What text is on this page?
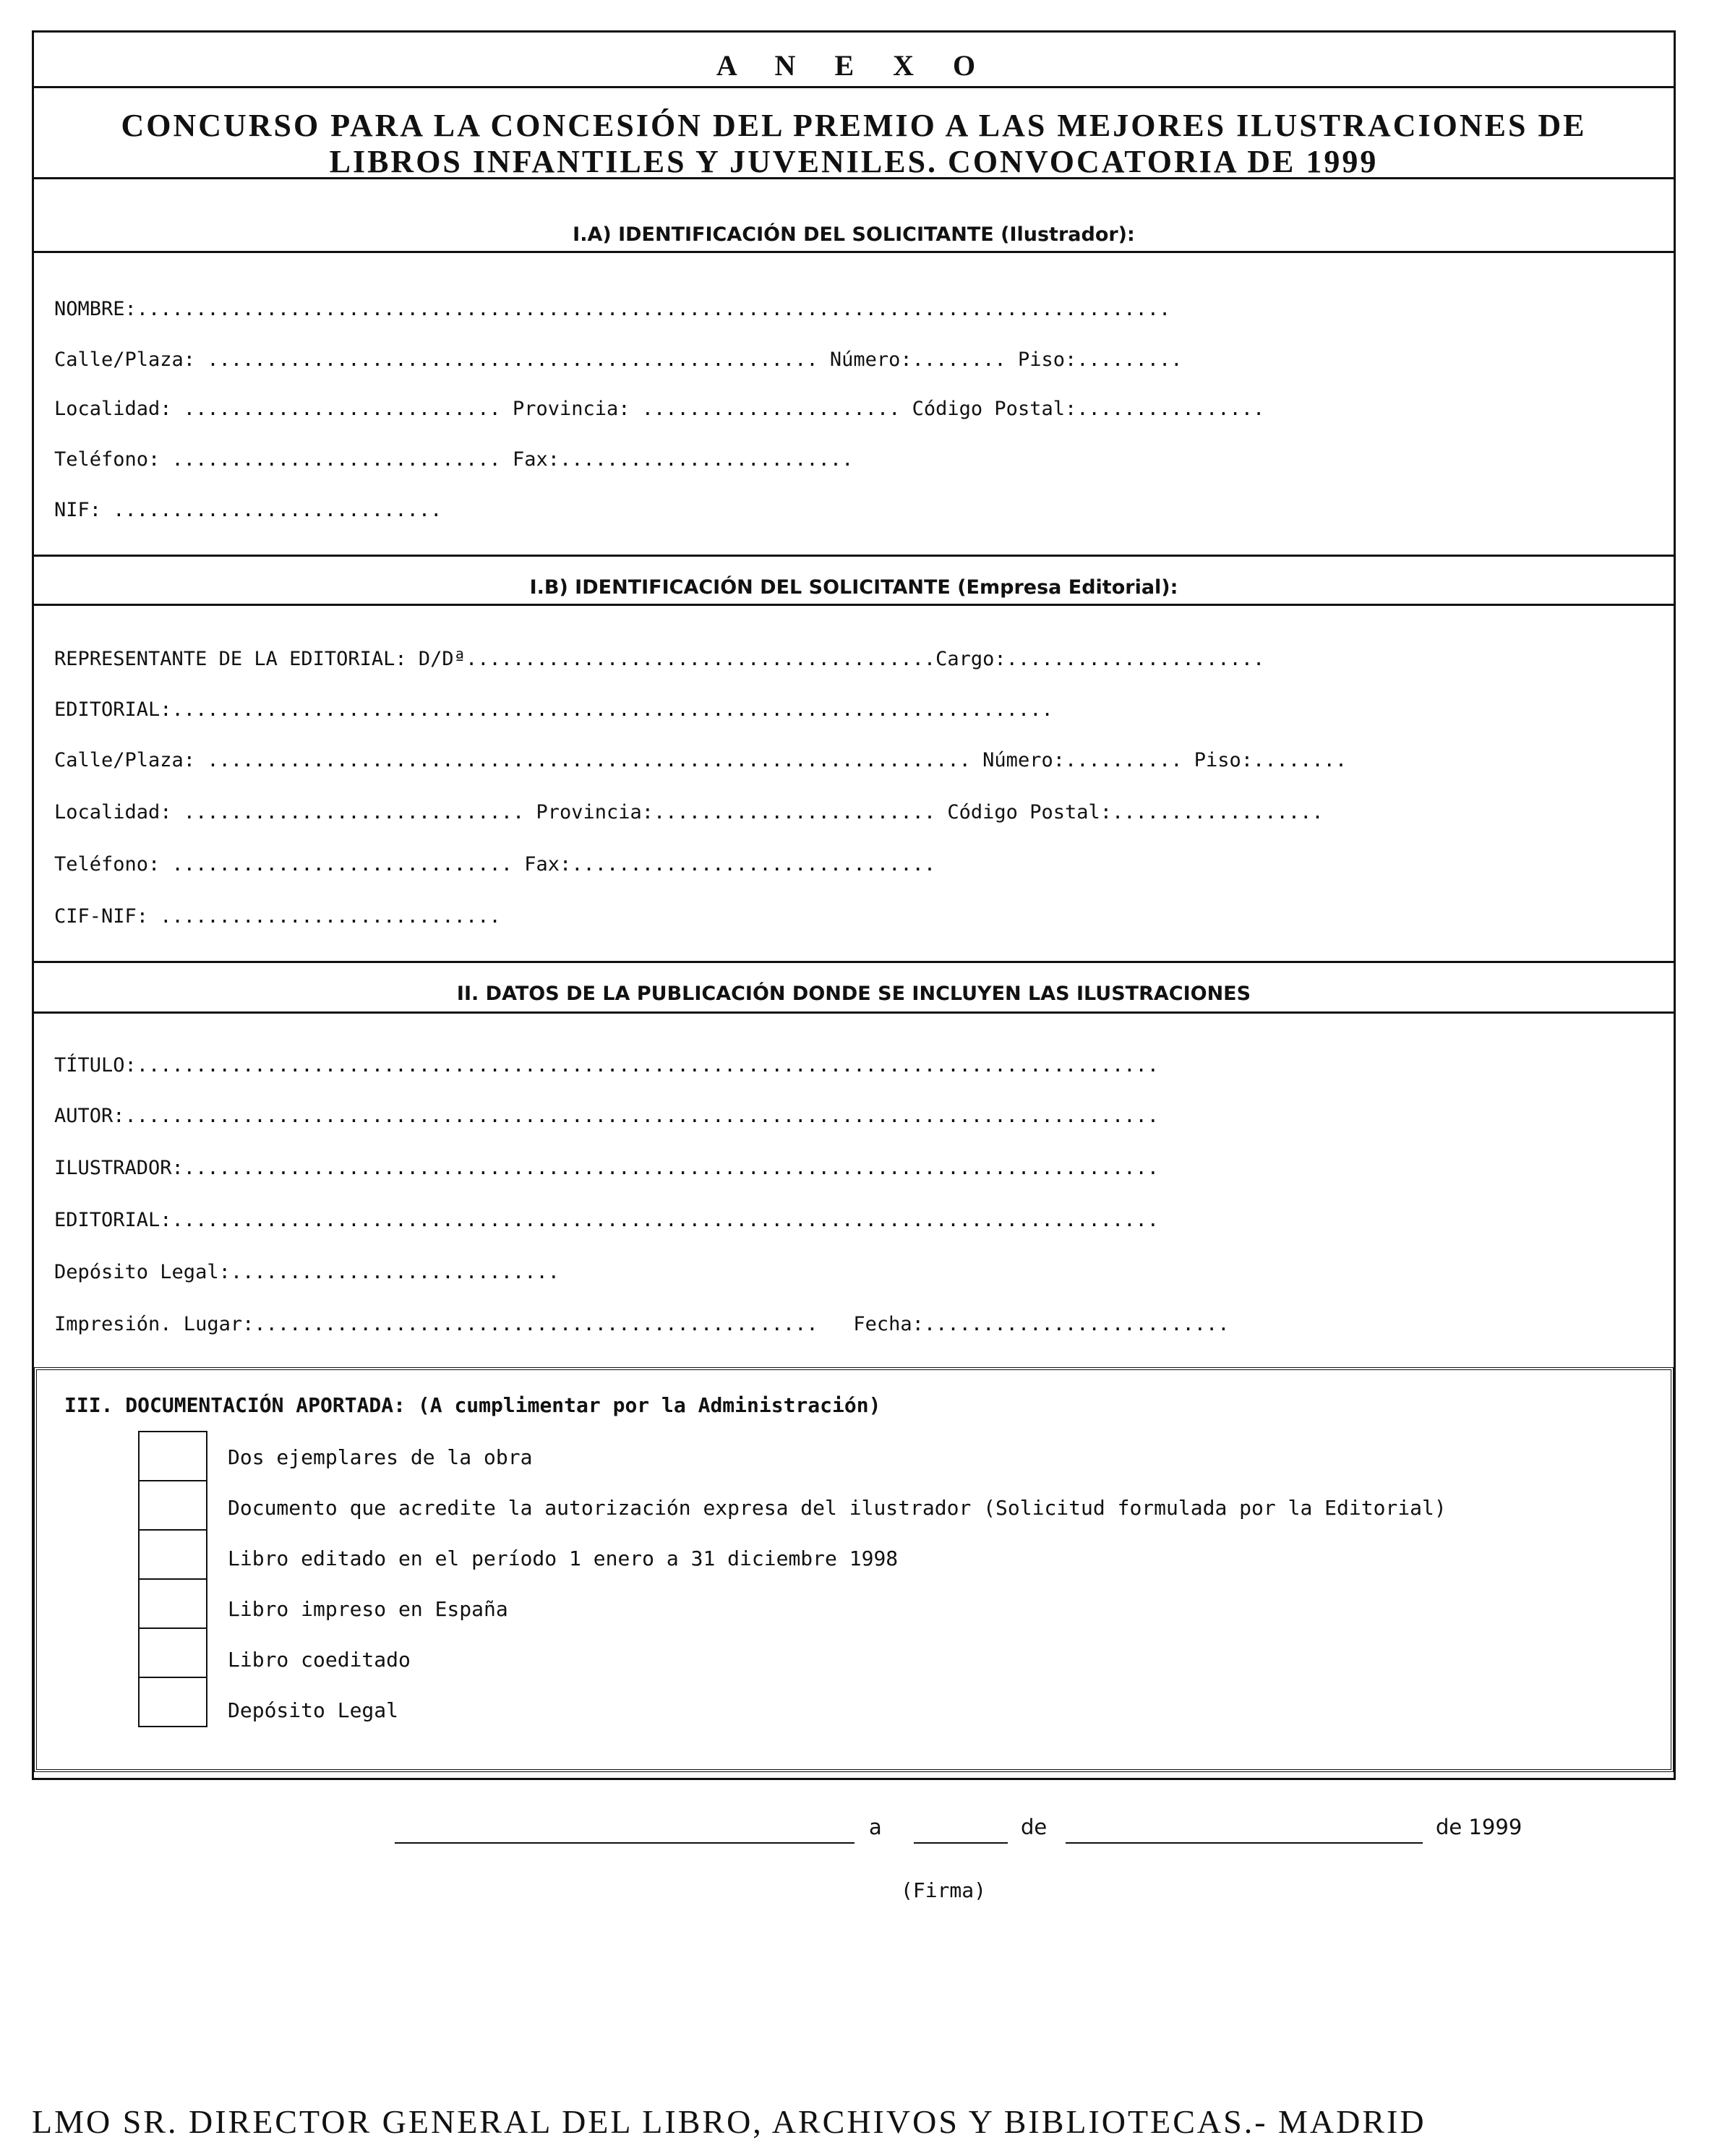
A N E X O
CONCURSO PARA LA CONCESIÓN DEL PREMIO A LAS MEJORES ILUSTRACIONES DE
LIBROS INFANTILES Y JUVENILES. CONVOCATORIA DE 1999
I.A) IDENTIFICACIÓN DEL SOLICITANTE (Ilustrador):
NOMBRE:........................................................................................
Calle/Plaza: .................................................... Número:........ Piso:.........
Localidad: ........................... Provincia: ...................... Código Postal:................
Teléfono: ............................ Fax:.........................
NIF: ............................
I.B) IDENTIFICACIÓN DEL SOLICITANTE (Empresa Editorial):
REPRESENTANTE DE LA EDITORIAL: D/Dª........................................Cargo:......................
EDITORIAL:...........................................................................
Calle/Plaza: ................................................................. Número:.......... Piso:........
Localidad: ............................. Provincia:........................ Código Postal:..................
Teléfono: ............................. Fax:...............................
CIF-NIF: .............................
II. DATOS DE LA PUBLICACIÓN DONDE SE INCLUYEN LAS ILUSTRACIONES
TÍTULO:.......................................................................................
AUTOR:........................................................................................
ILUSTRADOR:...................................................................................
EDITORIAL:....................................................................................
Depósito Legal:............................
Impresión. Lugar:................................................   Fecha:..........................
III. DOCUMENTACIÓN APORTADA: (A cumplimentar por la Administración)
Dos ejemplares de la obra
Documento que acredite la autorización expresa del ilustrador (Solicitud formulada por la Editorial)
Libro editado en el período 1 enero a 31 diciembre 1998
Libro impreso en España
Libro coeditado
Depósito Legal
a	de	de 1999
(Firma)
LMO SR. DIRECTOR GENERAL DEL LIBRO, ARCHIVOS Y BIBLIOTECAS.- MADRID
